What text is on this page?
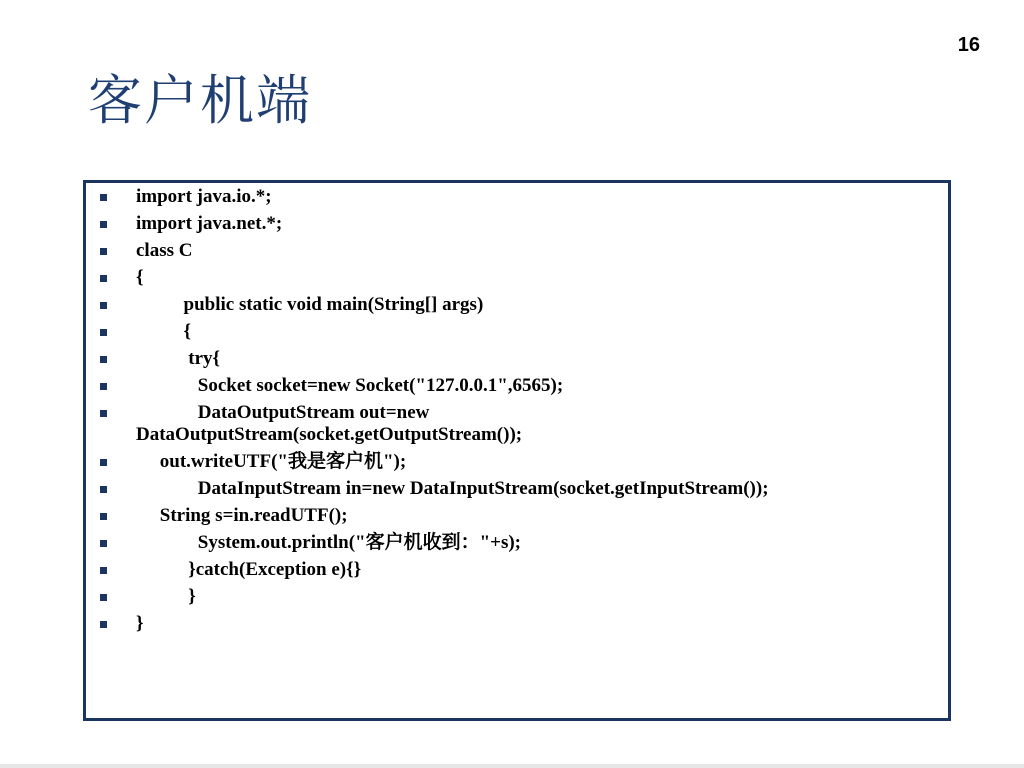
16
客户机端
import java.io.*;
import java.net.*;
class C
{
public static void main(String[] args)
{
try{
Socket socket=new Socket("127.0.0.1",6565);
DataOutputStream out=new
DataOutputStream(socket.getOutputStream());
out.writeUTF("我是客户机");
DataInputStream in=new DataInputStream(socket.getInputStream());
String s=in.readUTF();
System.out.println("客户机收到："+s);
}catch(Exception e){}
}
}
